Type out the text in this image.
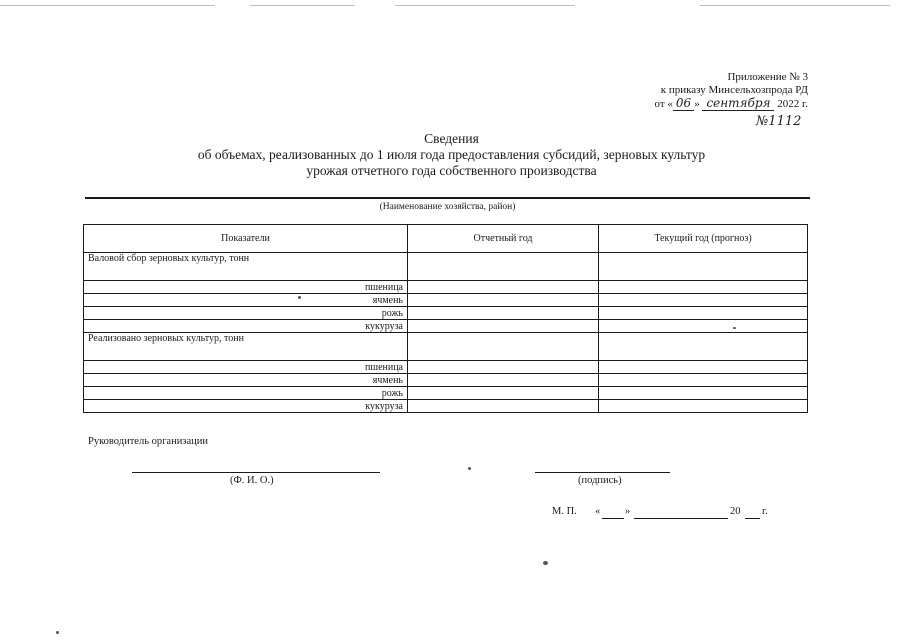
Приложение № 3
к приказу Минсельхозпрода РД
от « 06 » сентября 2022 г.
№1112
Сведения
об объемах, реализованных до 1 июля года предоставления субсидий, зерновых культур
урожая отчетного года собственного производства
(Наименование хозяйства, район)
Показатели	Отчетный год	Текущий год (прогноз)
Валовой сбор зерновых культур, тонн		
пшеница		
ячмень		
рожь		
кукуруза		
Реализовано зерновых культур, тонн		
пшеница		
ячмень		
рожь		
кукуруза		
Руководитель организации
(Ф. И. О.)	(подпись)
М. П. « »	20 г.
